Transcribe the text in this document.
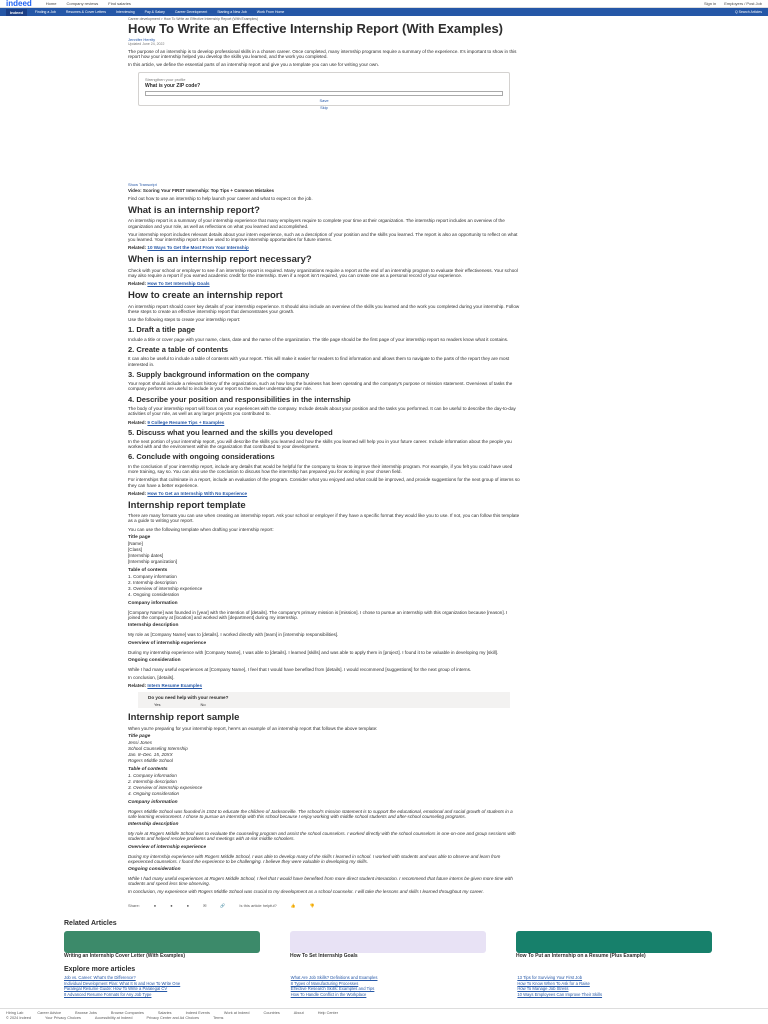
indeed	Home	Company reviews	Find salaries	Sign in Employers / Post Job
Indeed	Finding a Job	Resumes & Cover Letters	Interviewing	Pay & Salary	Career Development	Starting a New Job	Work From Home	Q Search Articles
Career development > How To Write an Effective Internship Report (With Examples)
How To Write an Effective Internship Report (With Examples)
Jennifer Herrity
Updated June 24, 2022

The purpose of an internship is to develop professional skills in a chosen career. Once completed, many internship programs require a summary of the experience. It's important to show in this report how your internship helped you develop the skills you learned, and the work you completed.

In this article, we define the essential parts of an internship report and give you a template you can use for writing your own.

Strengthen your profile
What is your ZIP code?
Save
Skip
Show Transcript
Video: Scoring Your FIRST Internship: Top Tips + Common Mistakes

Find out how to use an internship to help launch your career and what to expect on the job.

What is an internship report?

An internship report is a summary of your internship experience that many employers require to complete your time at their organization. The internship report includes an overview of the organization and your role, as well as reflections on what you learned and accomplished.

Your internship report includes relevant details about your intern experience, such as a description of your position and the skills you learned. The report is also an opportunity to reflect on what you learned. Your internship report can be used to improve internship opportunities for future interns.

Related: 10 Ways To Get the Most From Your Internship
When is an internship report necessary?

Check with your school or employer to see if an internship report is required. Many organizations require a report at the end of an internship program to evaluate their effectiveness. Your school may also require a report if you earned academic credit for the internship. Even if a report isn't required, you can create one as a personal record of your experience.

Related: How To Set Internship Goals
How to create an internship report

An internship report should cover key details of your internship experience. It should also include an overview of the skills you learned and the work you completed during your internship. Follow these steps to create an effective internship report that demonstrates your growth.

Use the following steps to create your internship report:

1. Draft a title page

Include a title or cover page with your name, class, date and the name of the organization. The title page should be the first page of your internship report so readers know what it contains.

2. Create a table of contents

It can also be useful to include a table of contents with your report. This will make it easier for readers to find information and allows them to navigate to the parts of the report they are most interested in.

3. Supply background information on the company

Your report should include a relevant history of the organization, such as how long the business has been operating and the company's purpose or mission statement. Overviews of tasks the company performs are useful to include in your report so the reader understands your role.

4. Describe your position and responsibilities in the internship

The body of your internship report will focus on your experiences with the company. Include details about your position and the tasks you performed. It can be useful to describe the day-to-day activities of your role, as well as any larger projects you contributed to.

Related: 9 College Resume Tips + Examples
5. Discuss what you learned and the skills you developed

In the next portion of your internship report, you will describe the skills you learned and how the skills you learned will help you in your future career. Include information about the people you worked with and the environment within the organization that contributed to your development.

6. Conclude with ongoing considerations

In the conclusion of your internship report, include any details that would be helpful for the company to know to improve their internship program. For example, if you felt you could have used more training, say so. You can also use the conclusion to discuss how the internship has prepared you for working in your chosen field.

For internships that culminate in a report, include an evaluation of the program. Consider what you enjoyed and what could be improved, and provide suggestions for the next group of interns so they can have a better experience.

Related: How To Get an Internship With No Experience
Internship report template

There are many formats you can use when creating an internship report. Ask your school or employer if they have a specific format they would like you to use. If not, you can follow this template as a guide to writing your report.

You can use the following template when drafting your internship report:

Title page
[Name]
[Class]
[Internship dates]
[Internship organization]
Table of contents
1. Company information
2. Internship description
3. Overview of internship experience
4. Ongoing consideration
Company information

[Company Name] was founded in [year] with the intention of [details]. The company's primary mission is [mission]. I chose to pursue an internship with this organization because [reason]. I joined the company at [location] and worked with [department] during my internship.

Internship description

My role as [Company Name] was to [details]. I worked directly with [team] in [internship responsibilities].

Overview of internship experience

During my internship experience with [Company Name], I was able to [details]. I learned [skills] and was able to apply them in [project]. I found it to be valuable in developing my [skill].

Ongoing consideration

While I had many useful experiences at [Company Name], I feel that I would have benefited from [details]. I would recommend [suggestions] for the next group of interns.

In conclusion, [details].

Related: Intern Resume Examples
Do you need help with your resume?
Yes	No
Internship report sample

When you're preparing for your internship report, here's an example of an internship report that follows the above template:

Title page
Jessi Jones
School Counseling Internship
Jan. 8–Dec. 15, 20XX
Rogers Middle School
Table of contents
1. Company information
2. Internship description
3. Overview of internship experience
4. Ongoing consideration
Company information

Rogers Middle School was founded in 1924 to educate the children of Jacksonville. The school's mission statement is to support the educational, emotional and social growth of students in a safe learning environment. I chose to pursue an internship with this school because I enjoy working with middle school students and after-school counseling programs.

Internship description

My role at Rogers Middle School was to evaluate the counseling program and assist the school counselors. I worked directly with the school counselors in one-on-one and group sessions with students and helped resolve problems and meetings with at-risk middle schoolers.

Overview of internship experience

During my internship experience with Rogers Middle School, I was able to develop many of the skills I learned in school. I worked with students and was able to observe and learn from experienced counselors. I found the experience to be challenging. I believe they were valuable in developing my skills.

Ongoing consideration

While I had many useful experiences at Rogers Middle School, I feel that I would have benefited from more direct student interaction. I recommend that future interns be given more time with students and spend less time observing.

In conclusion, my experience with Rogers Middle School was crucial to my development as a school counselor. I will take the lessons and skills I learned throughout my career.

Share:	●	●	●	✉	🔗	Is this article helpful?	👍	👎
Related Articles
Writing an Internship Cover Letter (With Examples)	How To Set Internship Goals	How To Put an Internship on a Resume (Plus Example)
Explore more articles
Job vs. Career: What's the Difference?	What Are Job Skills? Definitions and Examples	13 Tips for Surviving Your First Job
Individual Development Plan: What It Is and How To Write One	8 Types of Manufacturing Processes	How To Know When To Ask for a Raise
Paralegal Resume Guide: How To Write a Paralegal CV	Effective Research Skills: Examples and Tips	How To Manage Job Stress
8 Advanced Resume Formats for Any Job Type	How To Handle Conflict in the Workplace	10 Ways Employees Can Improve Their Skills
Hiring Lab	Career Advice	Browse Jobs	Browse Companies	Salaries	Indeed Events	Work at Indeed	Countries	About	Help Center
© 2024 Indeed	Your Privacy Choices	Accessibility at Indeed	Privacy Center and Ad Choices	Terms
